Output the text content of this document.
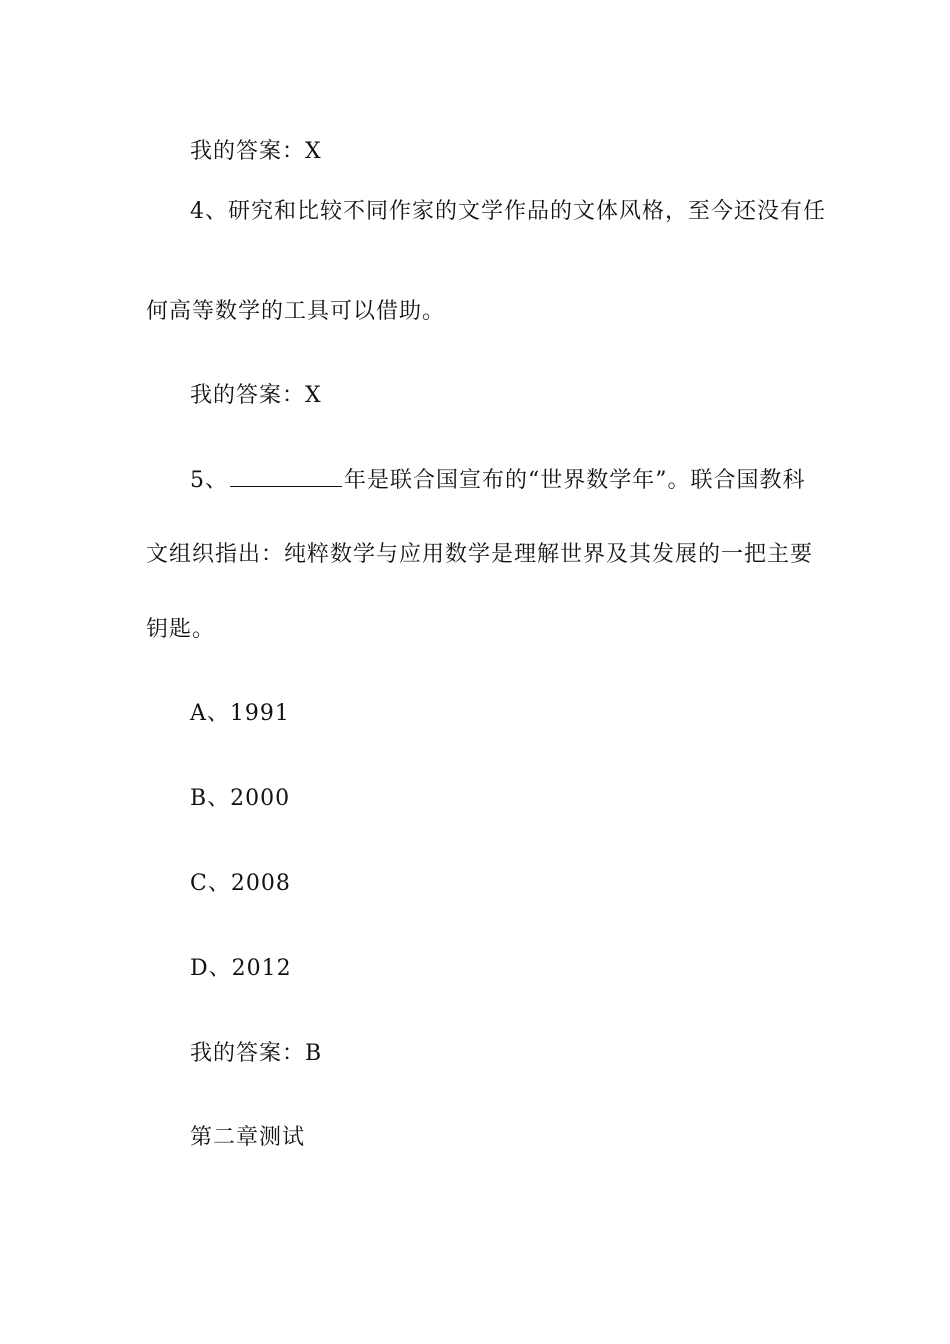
我的答案：X
4、研究和比较不同作家的文学作品的文体风格，至今还没有任
何高等数学的工具可以借助。
我的答案：X
5、	年是联合国宣布的“世界数学年”。联合国教科
文组织指出：纯粹数学与应用数学是理解世界及其发展的一把主要
钥匙。
A、1991
B、2000
C、2008
D、2012
我的答案：B
第二章测试
